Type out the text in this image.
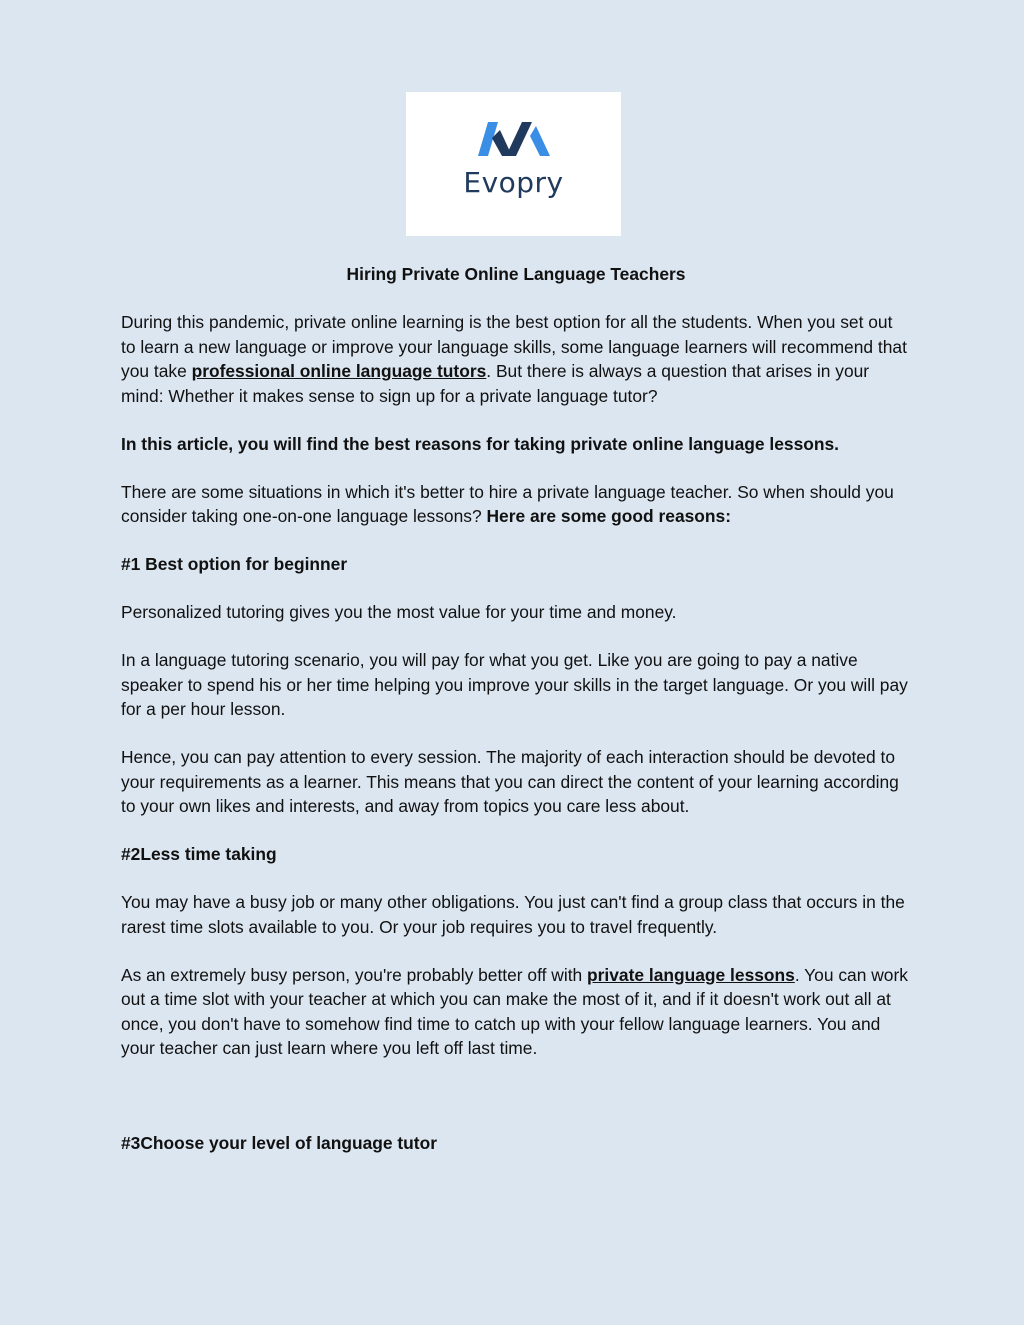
Evopry
Hiring Private Online Language Teachers

During this pandemic, private online learning is the best option for all the students. When you set out to learn a new language or improve your language skills, some language learners will recommend that you take professional online language tutors. But there is always a question that arises in your mind: Whether it makes sense to sign up for a private language tutor?

In this article, you will find the best reasons for taking private online language lessons.

There are some situations in which it's better to hire a private language teacher. So when should you consider taking one-on-one language lessons? Here are some good reasons:

#1 Best option for beginner

Personalized tutoring gives you the most value for your time and money.

In a language tutoring scenario, you will pay for what you get. Like you are going to pay a native speaker to spend his or her time helping you improve your skills in the target language. Or you will pay for a per hour lesson.

Hence, you can pay attention to every session. The majority of each interaction should be devoted to your requirements as a learner. This means that you can direct the content of your learning according to your own likes and interests, and away from topics you care less about.

#2Less time taking

You may have a busy job or many other obligations. You just can't find a group class that occurs in the rarest time slots available to you. Or your job requires you to travel frequently.

As an extremely busy person, you're probably better off with private language lessons. You can work out a time slot with your teacher at which you can make the most of it, and if it doesn't work out all at once, you don't have to somehow find time to catch up with your fellow language learners. You and your teacher can just learn where you left off last time.

#3Choose your level of language tutor
